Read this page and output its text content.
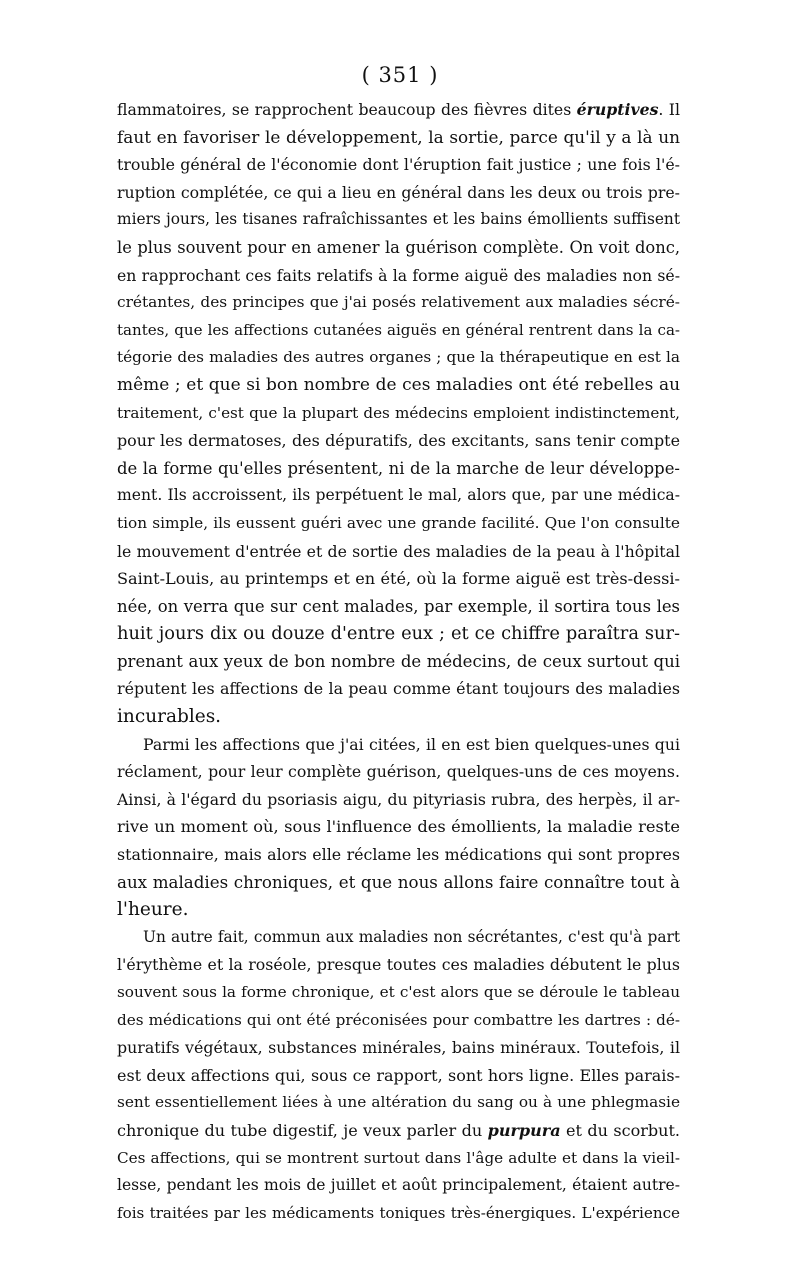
( 351 )
flammatoires, se rapprochent beaucoup des fièvres dites éruptives. Il
faut en favoriser le développement, la sortie, parce qu'il y a là un
trouble général de l'économie dont l'éruption fait justice ; une fois l'é-
ruption complétée, ce qui a lieu en général dans les deux ou trois pre-
miers jours, les tisanes rafraîchissantes et les bains émollients suffisent
le plus souvent pour en amener la guérison complète. On voit donc,
en rapprochant ces faits relatifs à la forme aiguë des maladies non sé-
crétantes, des principes que j'ai posés relativement aux maladies sécré-
tantes, que les affections cutanées aiguës en général rentrent dans la ca-
tégorie des maladies des autres organes ; que la thérapeutique en est la
même ; et que si bon nombre de ces maladies ont été rebelles au
traitement, c'est que la plupart des médecins emploient indistinctement,
pour les dermatoses, des dépuratifs, des excitants, sans tenir compte
de la forme qu'elles présentent, ni de la marche de leur développe-
ment. Ils accroissent, ils perpétuent le mal, alors que, par une médica-
tion simple, ils eussent guéri avec une grande facilité. Que l'on consulte
le mouvement d'entrée et de sortie des maladies de la peau à l'hôpital
Saint-Louis, au printemps et en été, où la forme aiguë est très-dessi-
née, on verra que sur cent malades, par exemple, il sortira tous les
huit jours dix ou douze d'entre eux ; et ce chiffre paraîtra sur-
prenant aux yeux de bon nombre de médecins, de ceux surtout qui
réputent les affections de la peau comme étant toujours des maladies
incurables.
Parmi les affections que j'ai citées, il en est bien quelques-unes qui
réclament, pour leur complète guérison, quelques-uns de ces moyens.
Ainsi, à l'égard du psoriasis aigu, du pityriasis rubra, des herpès, il ar-
rive un moment où, sous l'influence des émollients, la maladie reste
stationnaire, mais alors elle réclame les médications qui sont propres
aux maladies chroniques, et que nous allons faire connaître tout à
l'heure.
Un autre fait, commun aux maladies non sécrétantes, c'est qu'à part
l'érythème et la roséole, presque toutes ces maladies débutent le plus
souvent sous la forme chronique, et c'est alors que se déroule le tableau
des médications qui ont été préconisées pour combattre les dartres : dé-
puratifs végétaux, substances minérales, bains minéraux. Toutefois, il
est deux affections qui, sous ce rapport, sont hors ligne. Elles parais-
sent essentiellement liées à une altération du sang ou à une phlegmasie
chronique du tube digestif, je veux parler du purpura et du scorbut.
Ces affections, qui se montrent surtout dans l'âge adulte et dans la vieil-
lesse, pendant les mois de juillet et août principalement, étaient autre-
fois traitées par les médicaments toniques très-énergiques. L'expérience
